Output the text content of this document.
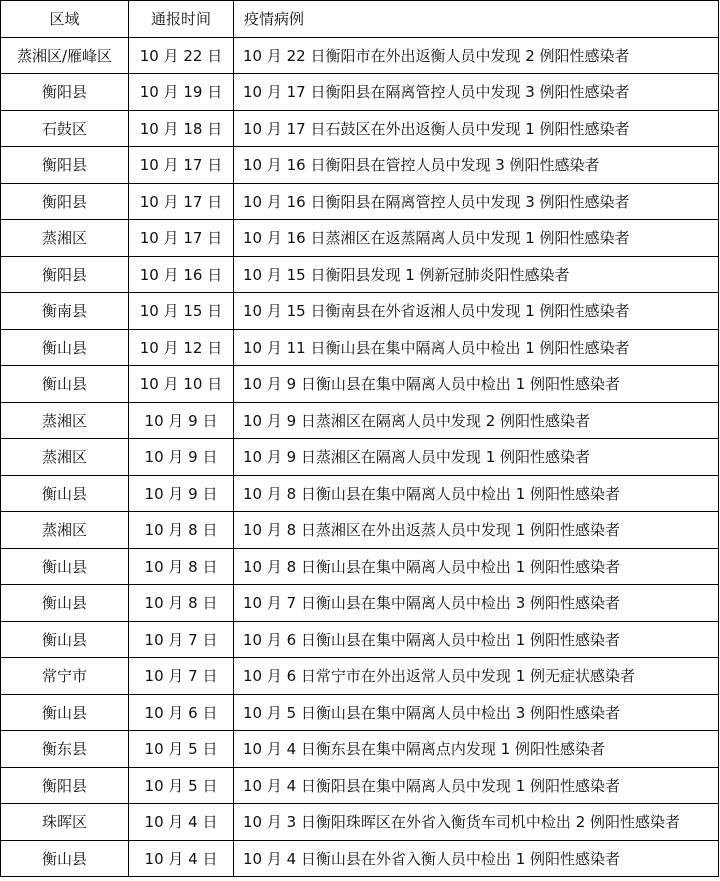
区域	通报时间	疫情病例
蒸湘区/雁峰区	10 月 22 日	10 月 22 日衡阳市在外出返衡人员中发现 2 例阳性感染者
衡阳县	10 月 19 日	10 月 17 日衡阳县在隔离管控人员中发现 3 例阳性感染者
石鼓区	10 月 18 日	10 月 17 日石鼓区在外出返衡人员中发现 1 例阳性感染者
衡阳县	10 月 17 日	10 月 16 日衡阳县在管控人员中发现 3 例阳性感染者
衡阳县	10 月 17 日	10 月 16 日衡阳县在隔离管控人员中发现 3 例阳性感染者
蒸湘区	10 月 17 日	10 月 16 日蒸湘区在返蒸隔离人员中发现 1 例阳性感染者
衡阳县	10 月 16 日	10 月 15 日衡阳县发现 1 例新冠肺炎阳性感染者
衡南县	10 月 15 日	10 月 15 日衡南县在外省返湘人员中发现 1 例阳性感染者
衡山县	10 月 12 日	10 月 11 日衡山县在集中隔离人员中检出 1 例阳性感染者
衡山县	10 月 10 日	10 月 9 日衡山县在集中隔离人员中检出 1 例阳性感染者
蒸湘区	10 月 9 日	10 月 9 日蒸湘区在隔离人员中发现 2 例阳性感染者
蒸湘区	10 月 9 日	10 月 9 日蒸湘区在隔离人员中发现 1 例阳性感染者
衡山县	10 月 9 日	10 月 8 日衡山县在集中隔离人员中检出 1 例阳性感染者
蒸湘区	10 月 8 日	10 月 8 日蒸湘区在外出返蒸人员中发现 1 例阳性感染者
衡山县	10 月 8 日	10 月 8 日衡山县在集中隔离人员中检出 1 例阳性感染者
衡山县	10 月 8 日	10 月 7 日衡山县在集中隔离人员中检出 3 例阳性感染者
衡山县	10 月 7 日	10 月 6 日衡山县在集中隔离人员中检出 1 例阳性感染者
常宁市	10 月 7 日	10 月 6 日常宁市在外出返常人员中发现 1 例无症状感染者
衡山县	10 月 6 日	10 月 5 日衡山县在集中隔离人员中检出 3 例阳性感染者
衡东县	10 月 5 日	10 月 4 日衡东县在集中隔离点内发现 1 例阳性感染者
衡阳县	10 月 5 日	10 月 4 日衡阳县在集中隔离人员中发现 1 例阳性感染者
珠晖区	10 月 4 日	10 月 3 日衡阳珠晖区在外省入衡货车司机中检出 2 例阳性感染者
衡山县	10 月 4 日	10 月 4 日衡山县在外省入衡人员中检出 1 例阳性感染者
